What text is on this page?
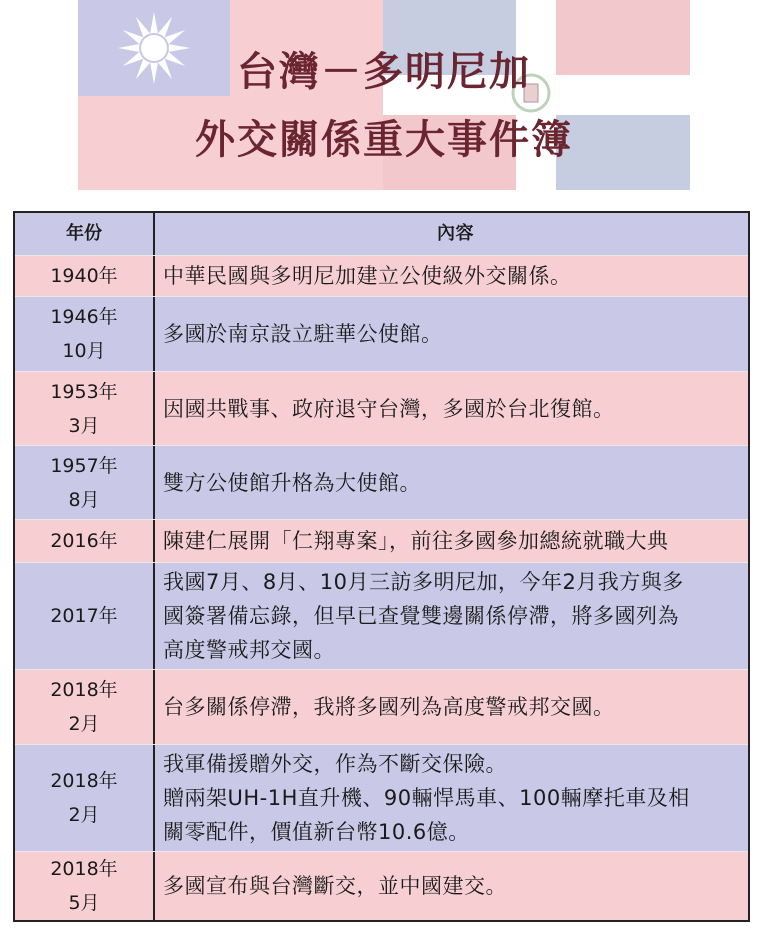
台灣－多明尼加
外交關係重大事件簿
年份	內容
1940年 中華民國與多明尼加建立公使級外交關係。
1946年
10月
多國於南京設立駐華公使館。
1953年
3月
因國共戰事、政府退守台灣，多國於台北復館。
1957年
8月
雙方公使館升格為大使館。
2016年 陳建仁展開「仁翔專案」，前往多國參加總統就職大典
2017年
我國7月、8月、10月三訪多明尼加，今年2月我方與多
國簽署備忘錄，但早已查覺雙邊關係停滯，將多國列為
高度警戒邦交國。
2018年
2月
台多關係停滯，我將多國列為高度警戒邦交國。
2018年
2月
我軍備援贈外交，作為不斷交保險。
贈兩架UH-1H直升機、90輛悍馬車、100輛摩托車及相
關零配件，價值新台幣10.6億。
2018年
5月
多國宣布與台灣斷交，並中國建交。
